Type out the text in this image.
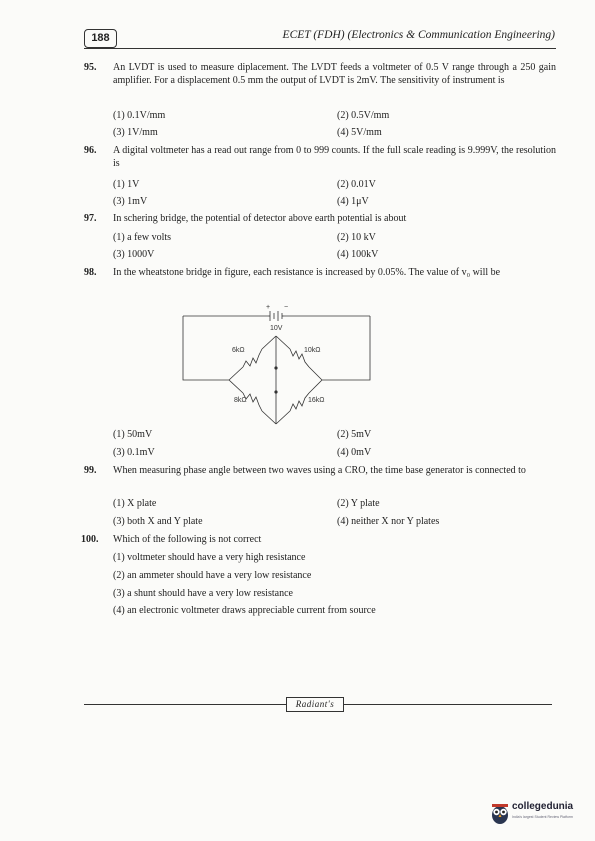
188	ECET (FDH) (Electronics & Communication Engineering)
95. An LVDT is used to measure diplacement. The LVDT feeds a voltmeter of 0.5 V range through a 250 gain amplifier. For a displacement 0.5 mm the output of LVDT is 2mV. The sensitivity of instrument is
(1) 0.1V/mm	(2) 0.5V/mm
(3) 1V/mm	(4) 5V/mm
96. A digital voltmeter has a read out range from 0 to 999 counts. If the full scale reading is 9.999V, the resolution is
(1) 1V	(2) 0.01V
(3) 1mV	(4) 1μV
97. In schering bridge, the potential of detector above earth potential is about
(1) a few volts	(2) 10 kV
(3) 1000V	(4) 100kV
98. In the wheatstone bridge in figure, each resistance is increased by 0.05%. The value of v₀ will be
+ −
10V
6kΩ	10kΩ
8kΩ	16kΩ
(1) 50mV	(2) 5mV
(3) 0.1mV	(4) 0mV
99. When measuring phase angle between two waves using a CRO, the time base generator is connected to
(1) X plate	(2) Y plate
(3) both X and Y plate	(4) neither X nor Y plates
100. Which of the following is not correct
(1) voltmeter should have a very high resistance
(2) an ammeter should have a very low resistance
(3) a shunt should have a very low resistance
(4) an electronic voltmeter draws appreciable current from source
Radiant's
collegedunia
India's largest Student Review Platform
